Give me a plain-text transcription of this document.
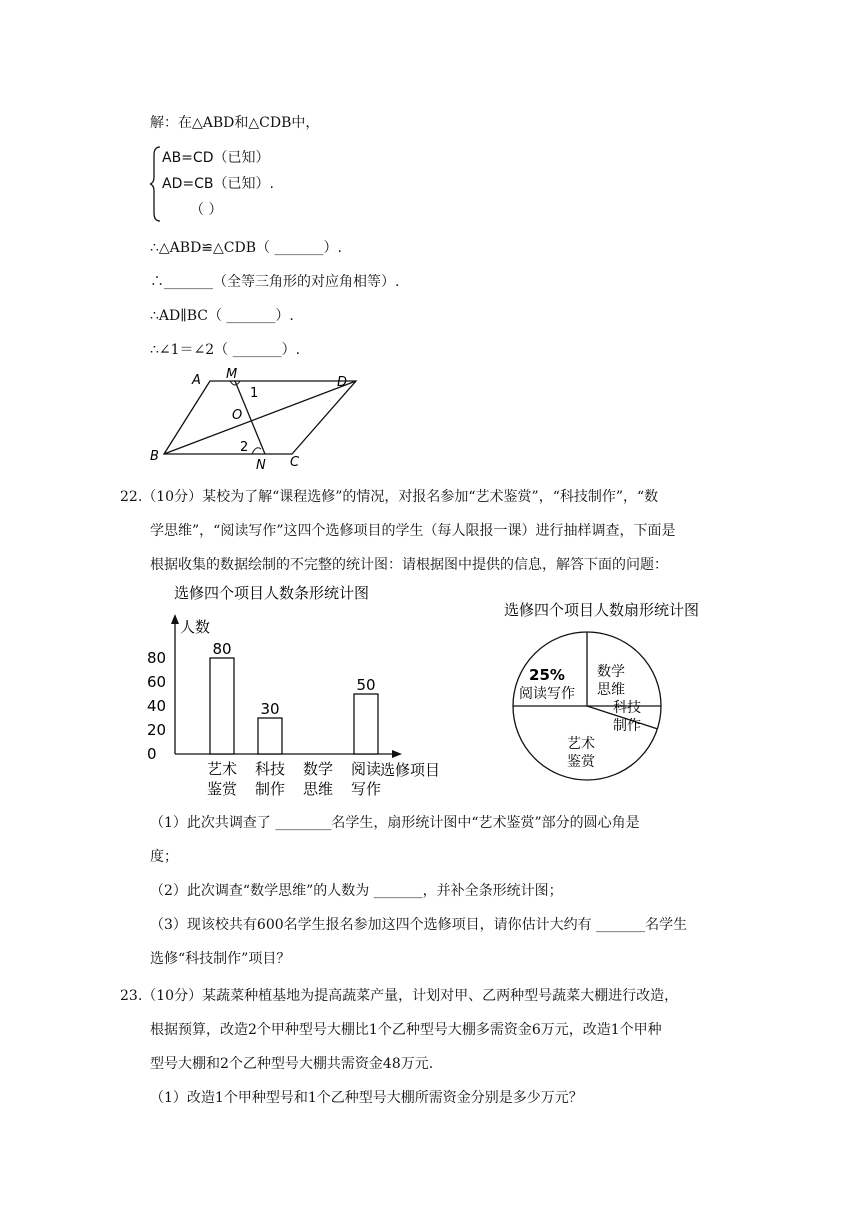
解：在△ABD和△CDB中，
AB=CD（已知）
AD=CB（已知）.
（ ）
∴△ABD≌△CDB（ _______）.
∴_______（全等三角形的对应角相等）.
∴AD∥BC（ _______）.
∴∠1＝∠2（ _______）.
A M
D
1
O
2
B
N C
22.（10分）某校为了解“课程选修”的情况，对报名参加“艺术鉴赏”，“科技制作”，“数
学思维”，“阅读写作”这四个选修项目的学生（每人限报一课）进行抽样调查，下面是
根据收集的数据绘制的不完整的统计图：请根据图中提供的信息，解答下面的问题：
选修四个项目人数条形统计图
人数
选修项目
0
20
40
60
80	80
30
50
艺术
鉴赏
科技
制作
数学
思维
阅读
写作
选修四个项目人数扇形统计图
25%
阅读写作
数学
思维
科技
制作
艺术
鉴赏
（1）此次共调查了 ________名学生，扇形统计图中“艺术鉴赏”部分的圆心角是
度；
（2）此次调查“数学思维”的人数为 _______，并补全条形统计图；
（3）现该校共有600名学生报名参加这四个选修项目，请你估计大约有 _______名学生
选修“科技制作”项目？
23.（10分）某蔬菜种植基地为提高蔬菜产量，计划对甲、乙两种型号蔬菜大棚进行改造，
根据预算，改造2个甲种型号大棚比1个乙种型号大棚多需资金6万元，改造1个甲种
型号大棚和2个乙种型号大棚共需资金48万元.
（1）改造1个甲种型号和1个乙种型号大棚所需资金分别是多少万元？
